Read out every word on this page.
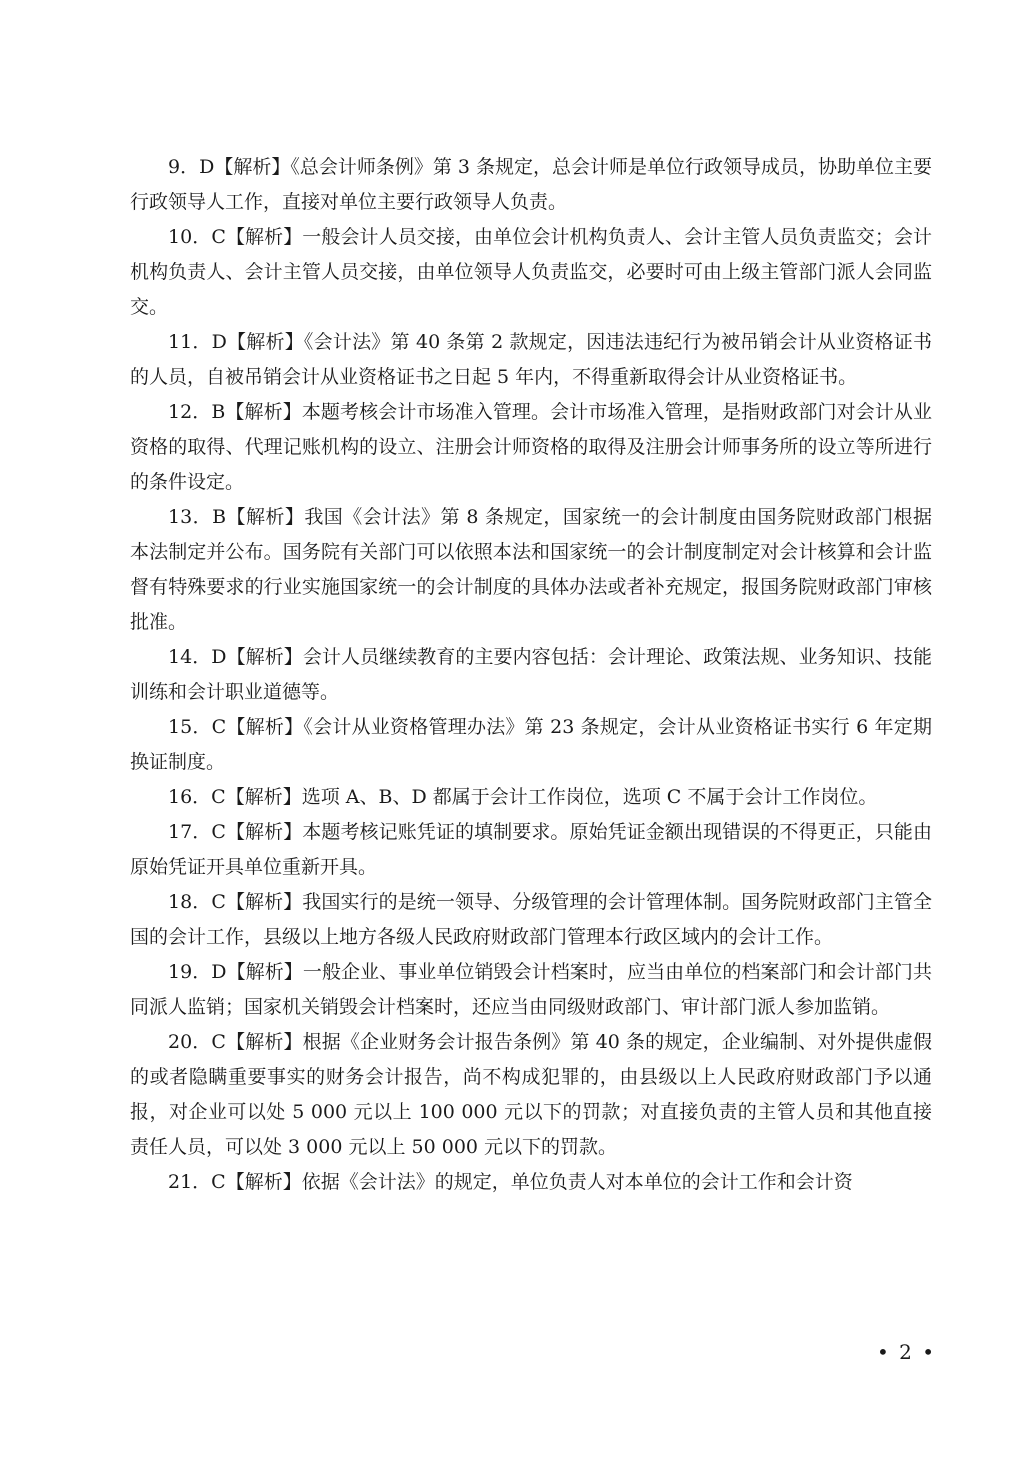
9．D【解析】《总会计师条例》第 3 条规定，总会计师是单位行政领导成员，协助单位主要行政领导人工作，直接对单位主要行政领导人负责。

10．C【解析】一般会计人员交接，由单位会计机构负责人、会计主管人员负责监交；会计机构负责人、会计主管人员交接，由单位领导人负责监交，必要时可由上级主管部门派人会同监交。

11．D【解析】《会计法》第 40 条第 2 款规定，因违法违纪行为被吊销会计从业资格证书的人员，自被吊销会计从业资格证书之日起 5 年内，不得重新取得会计从业资格证书。

12．B【解析】本题考核会计市场准入管理。会计市场准入管理，是指财政部门对会计从业资格的取得、代理记账机构的设立、注册会计师资格的取得及注册会计师事务所的设立等所进行的条件设定。

13．B【解析】我国《会计法》第 8 条规定，国家统一的会计制度由国务院财政部门根据本法制定并公布。国务院有关部门可以依照本法和国家统一的会计制度制定对会计核算和会计监督有特殊要求的行业实施国家统一的会计制度的具体办法或者补充规定，报国务院财政部门审核批准。

14．D【解析】会计人员继续教育的主要内容包括：会计理论、政策法规、业务知识、技能训练和会计职业道德等。

15．C【解析】《会计从业资格管理办法》第 23 条规定，会计从业资格证书实行 6 年定期换证制度。

16．C【解析】选项 A、B、D 都属于会计工作岗位，选项 C 不属于会计工作岗位。

17．C【解析】本题考核记账凭证的填制要求。原始凭证金额出现错误的不得更正，只能由原始凭证开具单位重新开具。

18．C【解析】我国实行的是统一领导、分级管理的会计管理体制。国务院财政部门主管全国的会计工作，县级以上地方各级人民政府财政部门管理本行政区域内的会计工作。

19．D【解析】一般企业、事业单位销毁会计档案时，应当由单位的档案部门和会计部门共同派人监销；国家机关销毁会计档案时，还应当由同级财政部门、审计部门派人参加监销。

20．C【解析】根据《企业财务会计报告条例》第 40 条的规定，企业编制、对外提供虚假的或者隐瞒重要事实的财务会计报告，尚不构成犯罪的，由县级以上人民政府财政部门予以通报，对企业可以处 5 000 元以上 100 000 元以下的罚款；对直接负责的主管人员和其他直接责任人员，可以处 3 000 元以上 50 000 元以下的罚款。

21．C【解析】依据《会计法》的规定，单位负责人对本单位的会计工作和会计资

• 2 •
